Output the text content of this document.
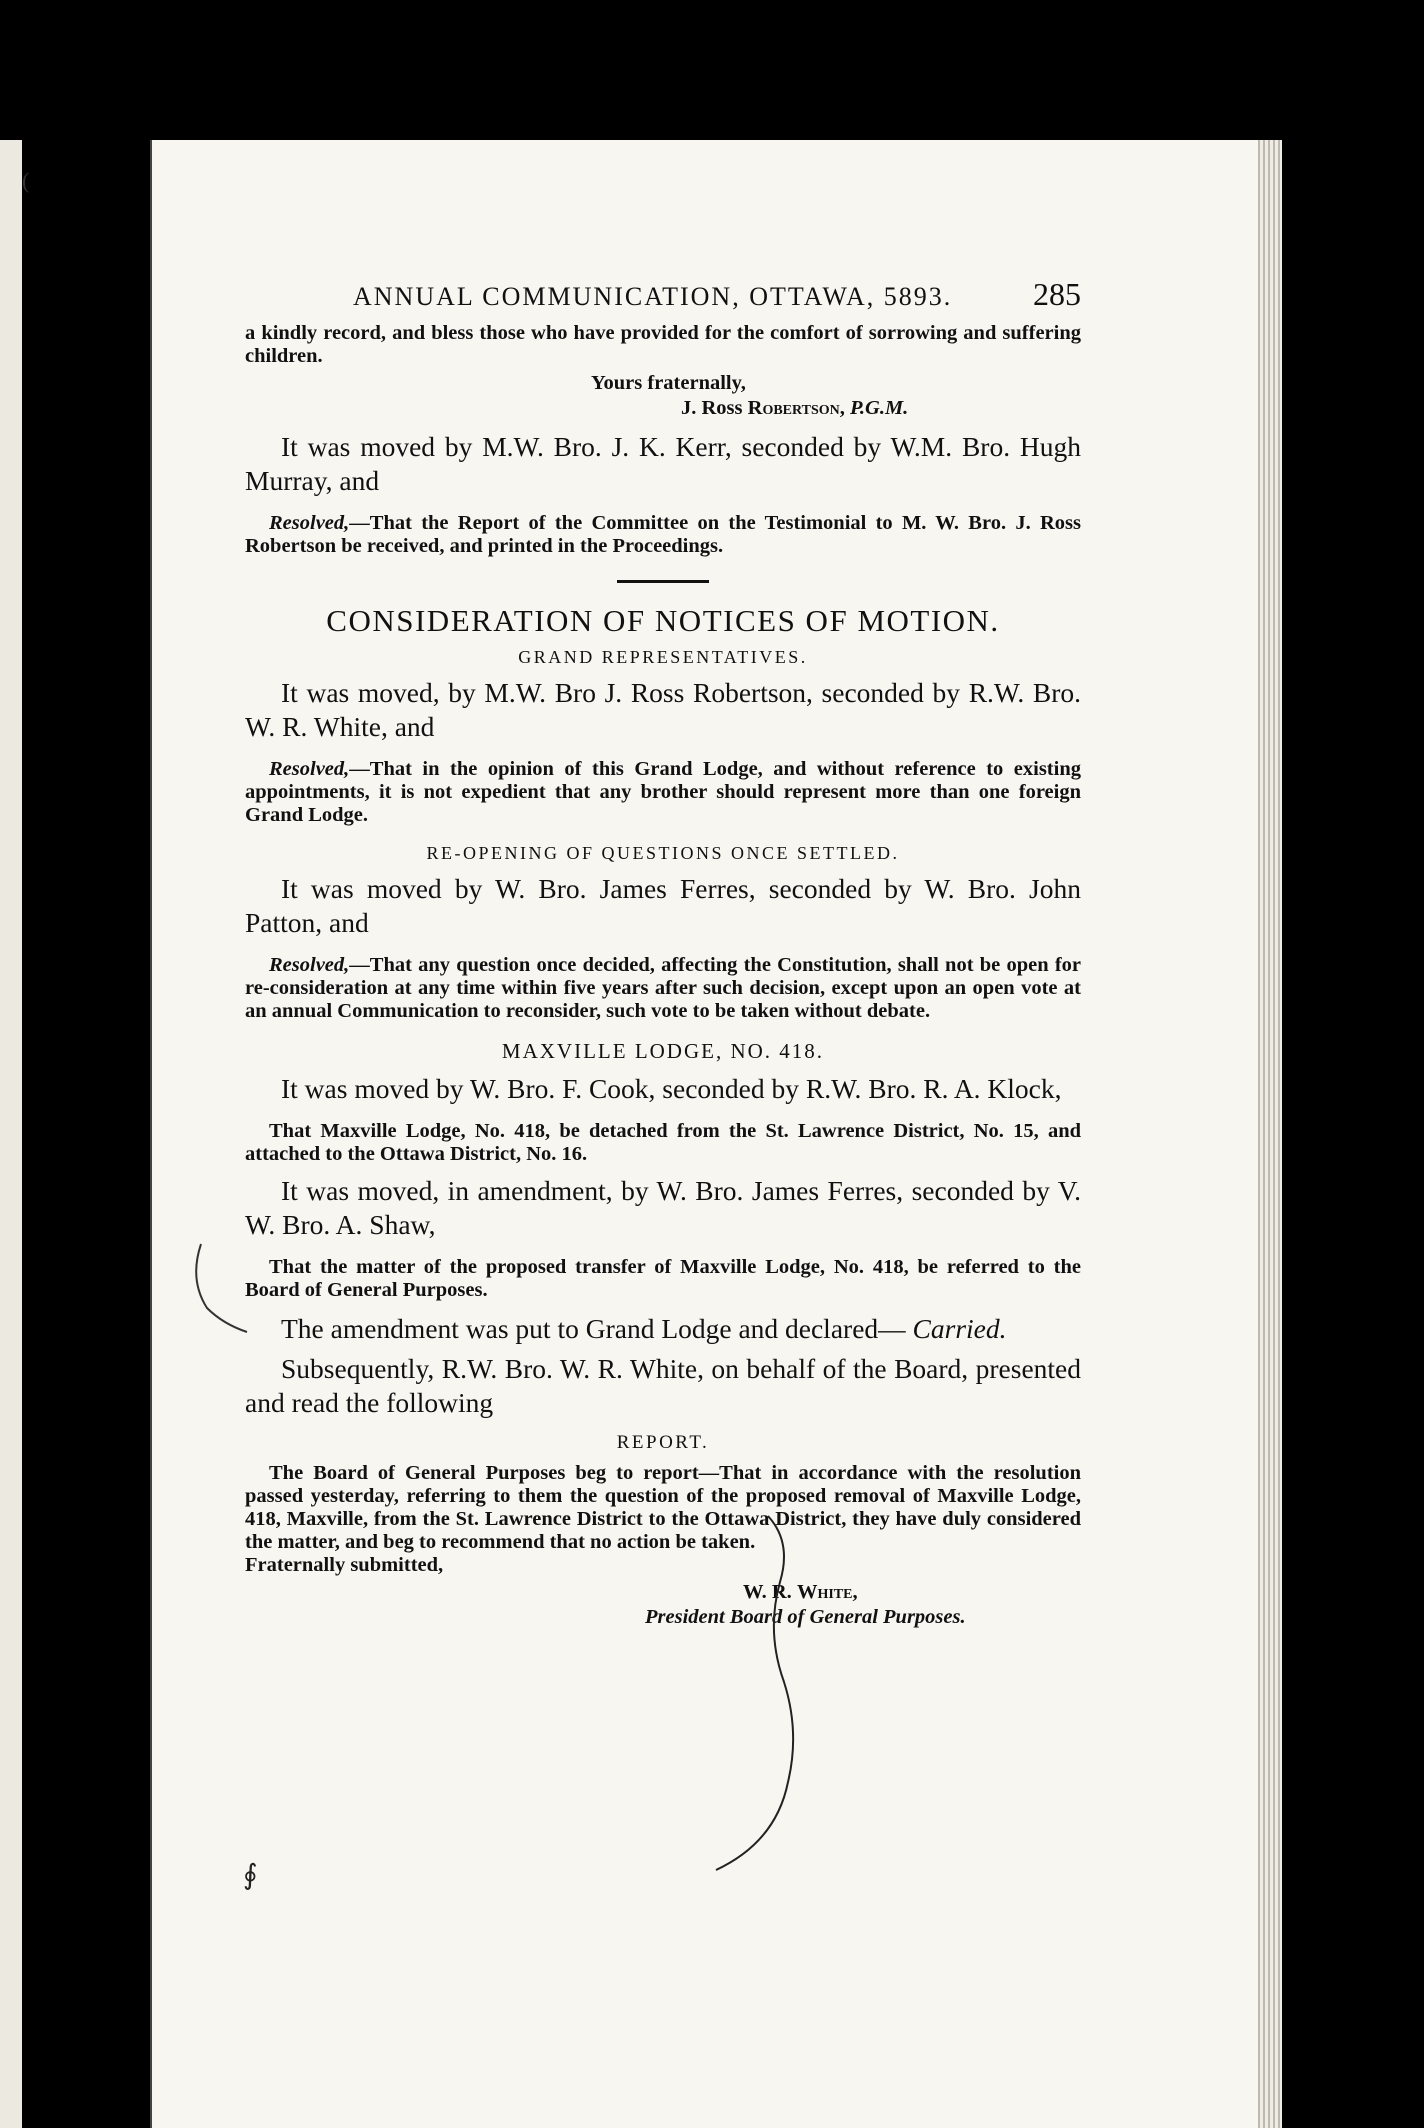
(
ANNUAL COMMUNICATION, OTTAWA, 5893.	285

a kindly record, and bless those who have provided for the comfort of sorrowing and suffering children.

Yours fraternally,
J. Ross Robertson, P.G.M.

It was moved by M.W. Bro. J. K. Kerr, seconded by W.M. Bro. Hugh Murray, and

Resolved,—That the Report of the Committee on the Testimonial to M. W. Bro. J. Ross Robertson be received, and printed in the Proceedings.

CONSIDERATION OF NOTICES OF MOTION.
GRAND REPRESENTATIVES.

It was moved, by M.W. Bro J. Ross Robertson, seconded by R.W. Bro. W. R. White, and

Resolved,—That in the opinion of this Grand Lodge, and without reference to existing appointments, it is not expedient that any brother should represent more than one foreign Grand Lodge.

RE-OPENING OF QUESTIONS ONCE SETTLED.

It was moved by W. Bro. James Ferres, seconded by W. Bro. John Patton, and

Resolved,—That any question once decided, affecting the Constitution, shall not be open for re-consideration at any time within five years after such decision, except upon an open vote at an annual Communication to reconsider, such vote to be taken without debate.

MAXVILLE LODGE, NO. 418.

It was moved by W. Bro. F. Cook, seconded by R.W. Bro. R. A. Klock,

That Maxville Lodge, No. 418, be detached from the St. Lawrence District, No. 15, and attached to the Ottawa District, No. 16.

It was moved, in amendment, by W. Bro. James Ferres, seconded by V. W. Bro. A. Shaw,

That the matter of the proposed transfer of Maxville Lodge, No. 418, be referred to the Board of General Purposes.

The amendment was put to Grand Lodge and declared— Carried.

Subsequently, R.W. Bro. W. R. White, on behalf of the Board, presented and read the following

REPORT.

The Board of General Purposes beg to report—That in accordance with the resolution passed yesterday, referring to them the question of the proposed removal of Maxville Lodge, 418, Maxville, from the St. Lawrence District to the Ottawa District, they have duly considered the matter, and beg to recommend that no action be taken.

Fraternally submitted,
W. R. White,
President Board of General Purposes.
∮
